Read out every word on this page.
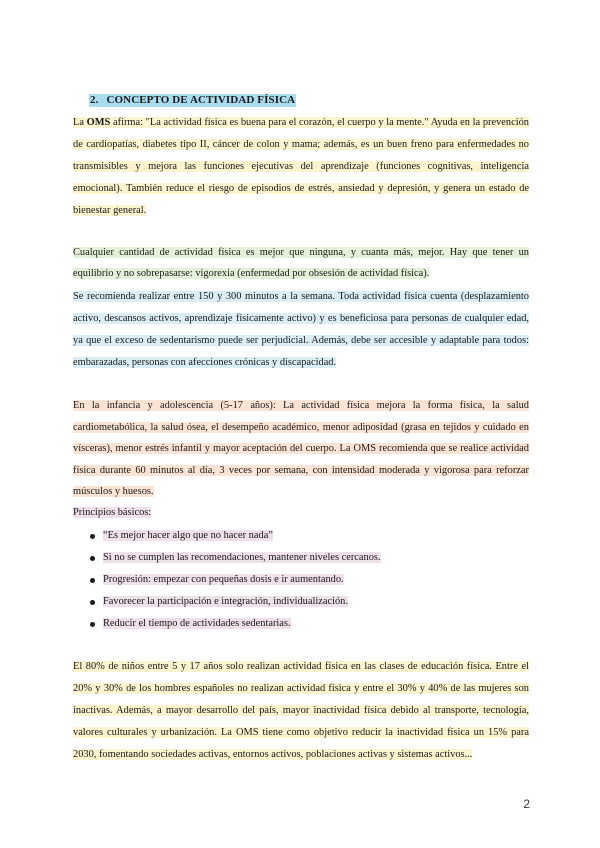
2. CONCEPTO DE ACTIVIDAD FÍSICA
La OMS afirma: "La actividad física es buena para el corazón, el cuerpo y la mente." Ayuda en la prevención de cardiopatías, diabetes tipo II, cáncer de colon y mama; además, es un buen freno para enfermedades no transmisibles y mejora las funciones ejecutivas del aprendizaje (funciones cognitivas, inteligencia emocional). También reduce el riesgo de episodios de estrés, ansiedad y depresión, y genera un estado de bienestar general.
Cualquier cantidad de actividad física es mejor que ninguna, y cuanta más, mejor. Hay que tener un equilibrio y no sobrepasarse: vigorexia (enfermedad por obsesión de actividad física).
Se recomienda realizar entre 150 y 300 minutos a la semana. Toda actividad física cuenta (desplazamiento activo, descansos activos, aprendizaje físicamente activo) y es beneficiosa para personas de cualquier edad, ya que el exceso de sedentarismo puede ser perjudicial. Además, debe ser accesible y adaptable para todos: embarazadas, personas con afecciones crónicas y discapacidad.
En la infancia y adolescencia (5-17 años): La actividad física mejora la forma física, la salud cardiometabólica, la salud ósea, el desempeño académico, menor adiposidad (grasa en tejidos y cuidado en vísceras), menor estrés infantil y mayor aceptación del cuerpo. La OMS recomienda que se realice actividad física durante 60 minutos al día, 3 veces por semana, con intensidad moderada y vigorosa para reforzar músculos y huesos.
Principios básicos:
“Es mejor hacer algo que no hacer nada”
Si no se cumplen las recomendaciones, mantener niveles cercanos.
Progresión: empezar con pequeñas dosis e ir aumentando.
Favorecer la participación e integración, individualización.
Reducir el tiempo de actividades sedentarias.
El 80% de niños entre 5 y 17 años solo realizan actividad física en las clases de educación física. Entre el 20% y 30% de los hombres españoles no realizan actividad física y entre el 30% y 40% de las mujeres son inactivas. Además, a mayor desarrollo del país, mayor inactividad física debido al transporte, tecnología, valores culturales y urbanización. La OMS tiene como objetivo reducir la inactividad física un 15% para 2030, fomentando sociedades activas, entornos activos, poblaciones activas y sistemas activos...
2
